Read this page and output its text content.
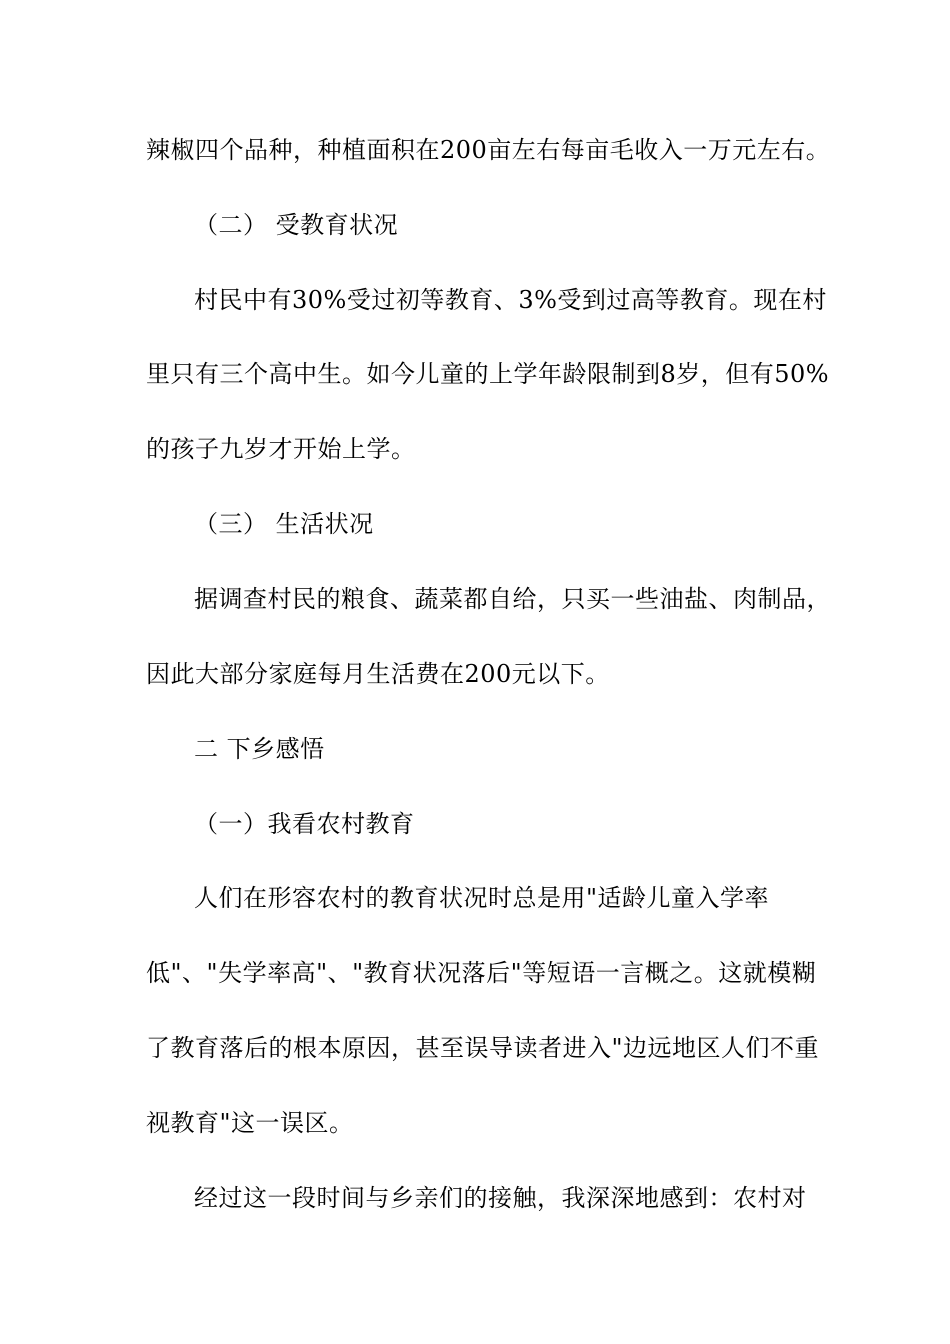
辣椒四个品种，种植面积在200亩左右每亩毛收入一万元左右。
（二） 受教育状况
村民中有30%受过初等教育、3%受到过高等教育。现在村
里只有三个高中生。如今儿童的上学年龄限制到8岁，但有50%
的孩子九岁才开始上学。
（三） 生活状况
据调查村民的粮食、蔬菜都自给，只买一些油盐、肉制品，
因此大部分家庭每月生活费在200元以下。
二 下乡感悟
（一）我看农村教育
人们在形容农村的教育状况时总是用"适龄儿童入学率
低"、"失学率高"、"教育状况落后"等短语一言概之。这就模糊
了教育落后的根本原因，甚至误导读者进入"边远地区人们不重
视教育"这一误区。
经过这一段时间与乡亲们的接触，我深深地感到：农村对
